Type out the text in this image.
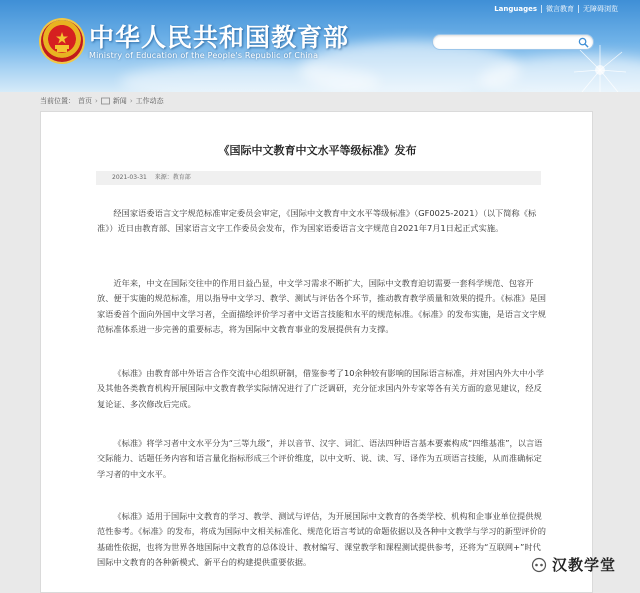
中华人民共和国教育部
Ministry of Education of the People's Republic of China
Languages 微言教育 无障碍浏览
当前位置： 首页 › 新闻 › 工作动态
《国际中文教育中文水平等级标准》发布
2021-03-31 来源：教育部

经国家语委语言文字规范标准审定委员会审定，《国际中文教育中文水平等级标准》（GF0025-2021）（以下简称《标准》）近日由教育部、国家语言文字工作委员会发布，作为国家语委语言文字规范自2021年7月1日起正式实施。

近年来，中文在国际交往中的作用日益凸显，中文学习需求不断扩大，国际中文教育迫切需要一套科学规范、包容开放、便于实施的规范标准，用以指导中文学习、教学、测试与评估各个环节，推动教育教学质量和效果的提升。《标准》是国家语委首个面向外国中文学习者，全面描绘评价学习者中文语言技能和水平的规范标准。《标准》的发布实施，是语言文字规范标准体系进一步完善的重要标志，将为国际中文教育事业的发展提供有力支撑。

《标准》由教育部中外语言合作交流中心组织研制，借鉴参考了10余种较有影响的国际语言标准，并对国内外大中小学及其他各类教育机构开展国际中文教育教学实际情况进行了广泛调研，充分征求国内外专家等各有关方面的意见建议，经反复论证、多次修改后完成。

《标准》将学习者中文水平分为“三等九级”，并以音节、汉字、词汇、语法四种语言基本要素构成“四维基准”，以言语交际能力、话题任务内容和语言量化指标形成三个评价维度，以中文听、说、读、写、译作为五项语言技能，从而准确标定学习者的中文水平。

《标准》适用于国际中文教育的学习、教学、测试与评估，为开展国际中文教育的各类学校、机构和企事业单位提供规范性参考。《标准》的发布，将成为国际中文相关标准化、规范化语言考试的命题依据以及各种中文教学与学习的新型评价的基础性依据，也将为世界各地国际中文教育的总体设计、教材编写、课堂教学和课程测试提供参考，还将为“互联网+”时代国际中文教育的各种新模式、新平台的构建提供重要依据。	汉教学堂
